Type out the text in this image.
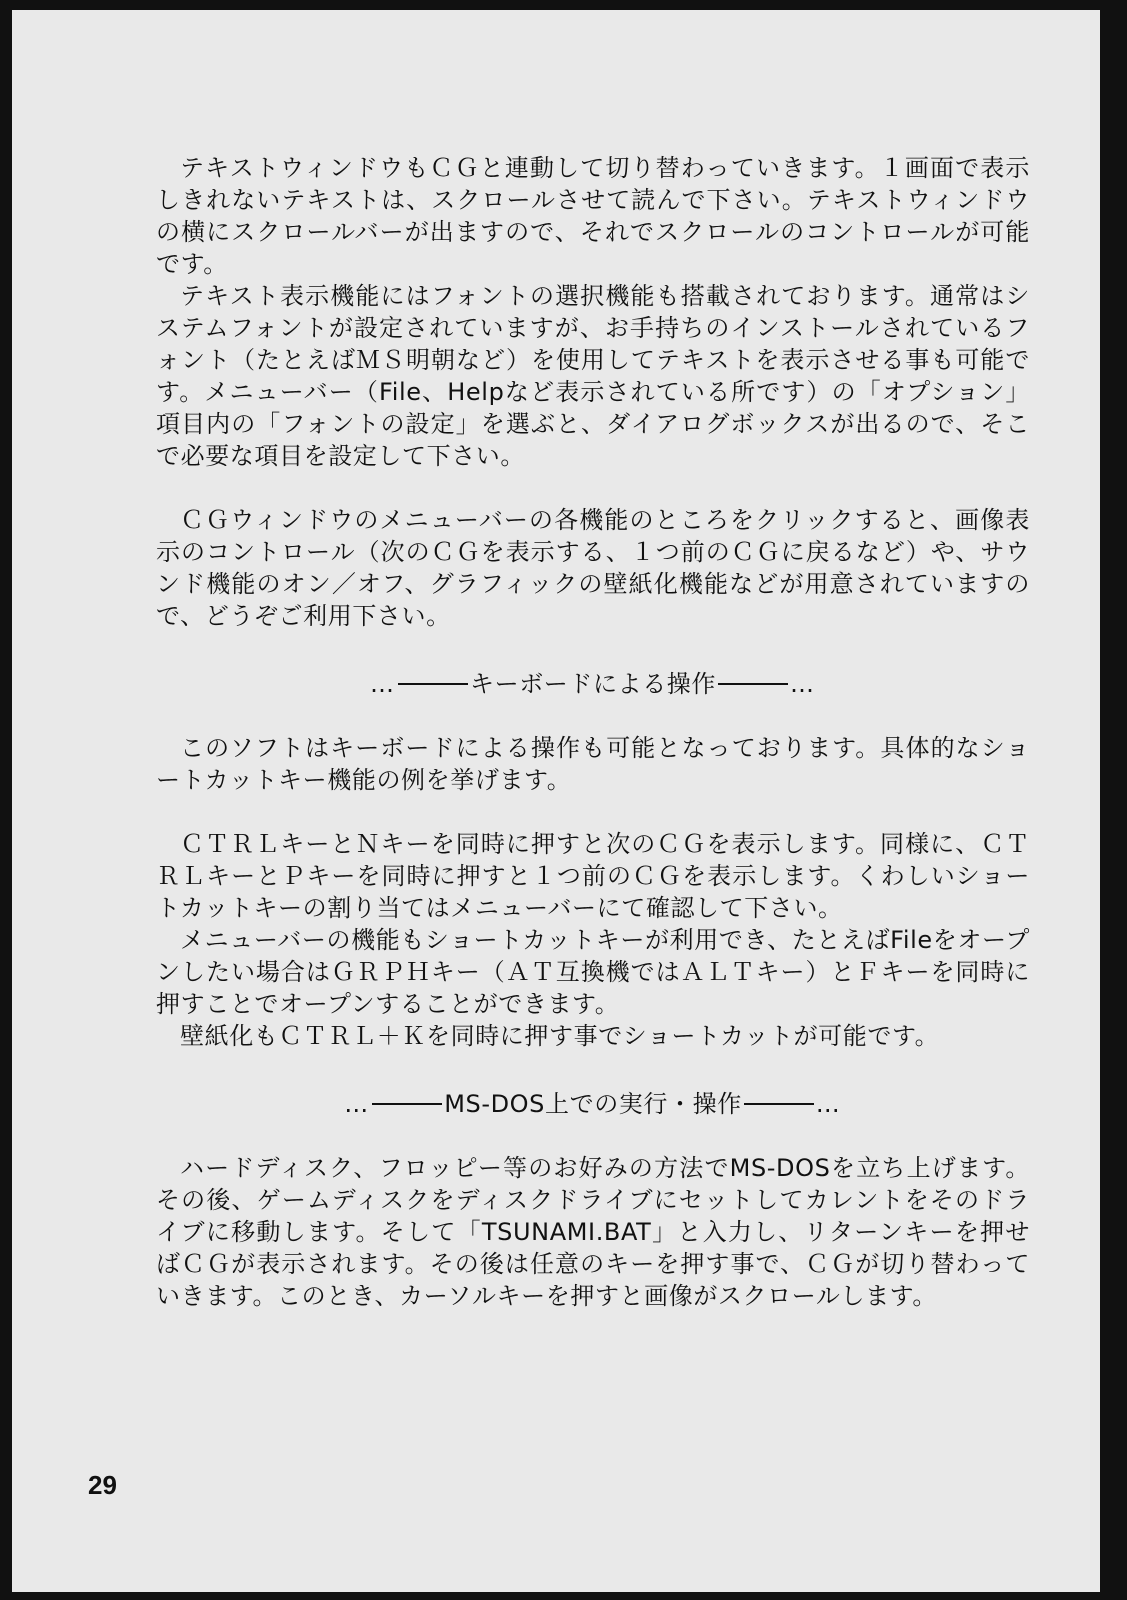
テキストウィンドウもＣＧと連動して切り替わっていきます。１画面で表示しきれないテキストは、スクロールさせて読んで下さい。テキストウィンドウの横にスクロールバーが出ますので、それでスクロールのコントロールが可能です。

テキスト表示機能にはフォントの選択機能も搭載されております。通常はシステムフォントが設定されていますが、お手持ちのインストールされているフォント（たとえばＭＳ明朝など）を使用してテキストを表示させる事も可能です。メニューバー（File、Helpなど表示されている所です）の「オプション」項目内の「フォントの設定」を選ぶと、ダイアログボックスが出るので、そこで必要な項目を設定して下さい。

ＣＧウィンドウのメニューバーの各機能のところをクリックすると、画像表示のコントロール（次のＣＧを表示する、１つ前のＣＧに戻るなど）や、サウンド機能のオン／オフ、グラフィックの壁紙化機能などが用意されていますので、どうぞご利用下さい。

…	キーボードによる操作	…

このソフトはキーボードによる操作も可能となっております。具体的なショートカットキー機能の例を挙げます。

ＣＴＲＬキーとＮキーを同時に押すと次のＣＧを表示します。同様に、ＣＴＲＬキーとＰキーを同時に押すと１つ前のＣＧを表示します。くわしいショートカットキーの割り当てはメニューバーにて確認して下さい。

メニューバーの機能もショートカットキーが利用でき、たとえばFileをオープンしたい場合はＧＲＰＨキー（ＡＴ互換機ではＡＬＴキー）とＦキーを同時に押すことでオープンすることができます。

壁紙化もＣＴＲＬ＋Ｋを同時に押す事でショートカットが可能です。

…	MS-DOS上での実行・操作	…

ハードディスク、フロッピー等のお好みの方法でMS-DOSを立ち上げます。その後、ゲームディスクをディスクドライブにセットしてカレントをそのドライブに移動します。そして「TSUNAMI.BAT」と入力し、リターンキーを押せばＣＧが表示されます。その後は任意のキーを押す事で、ＣＧが切り替わっていきます。このとき、カーソルキーを押すと画像がスクロールします。

29
